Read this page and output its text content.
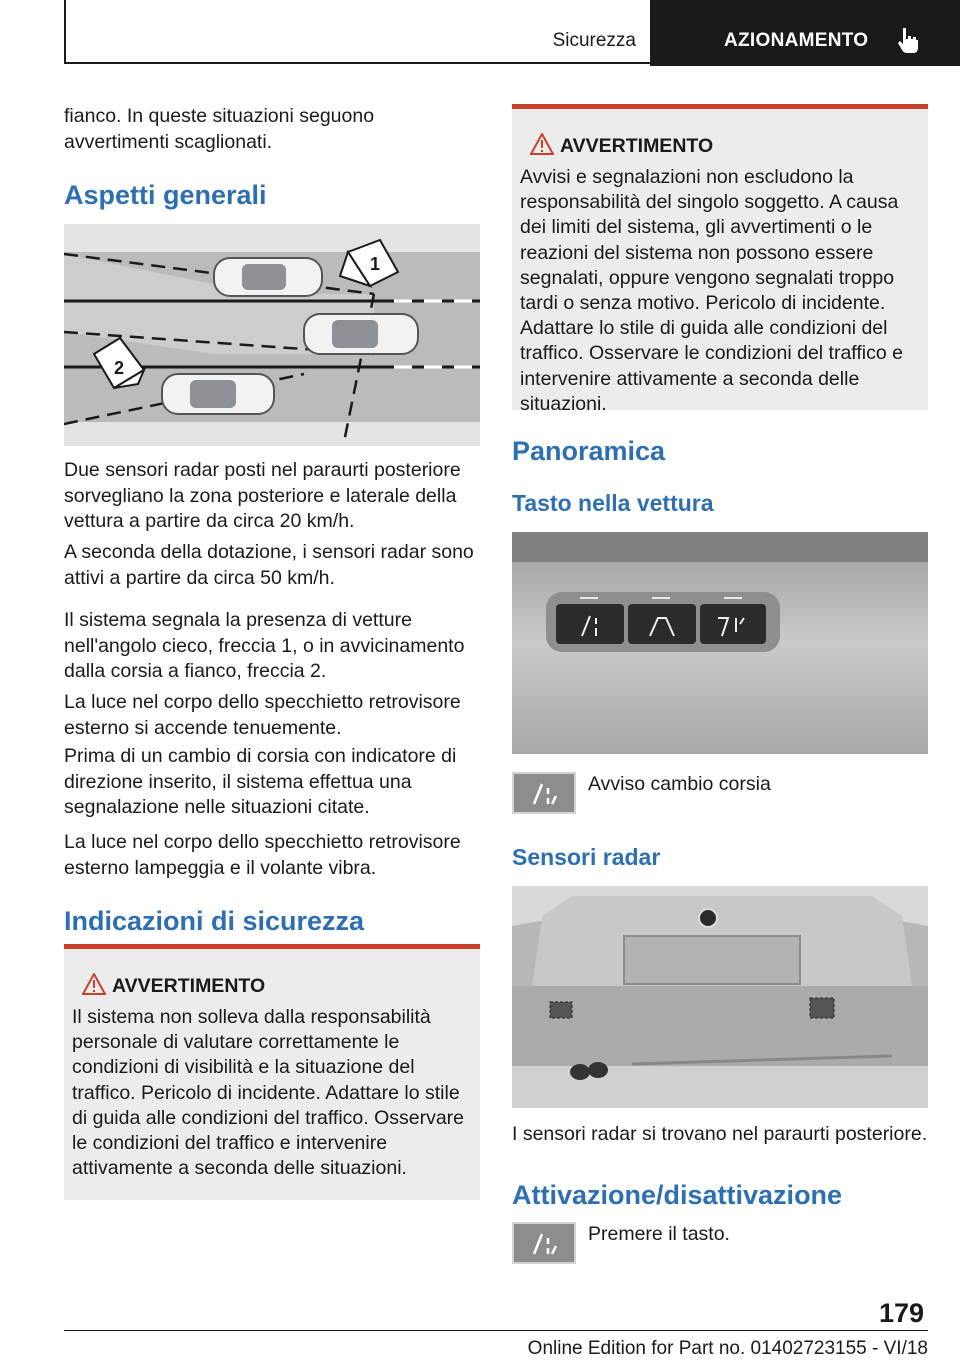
Sicurezza	AZIONAMENTO
fianco. In queste situazioni seguono avvertimenti scaglionati.
Aspetti generali
1
2
Due sensori radar posti nel paraurti posteriore sorvegliano la zona posteriore e laterale della vettura a partire da circa 20 km/h.
A seconda della dotazione, i sensori radar sono attivi a partire da circa 50 km/h.
Il sistema segnala la presenza di vetture nell'angolo cieco, freccia 1, o in avvicinamento dalla corsia a fianco, freccia 2.
La luce nel corpo dello specchietto retrovisore esterno si accende tenuemente.
Prima di un cambio di corsia con indicatore di direzione inserito, il sistema effettua una segnalazione nelle situazioni citate.
La luce nel corpo dello specchietto retrovisore esterno lampeggia e il volante vibra.
Indicazioni di sicurezza
AVVERTIMENTO
Il sistema non solleva dalla responsabilità personale di valutare correttamente le condizioni di visibilità e la situazione del traffico. Pericolo di incidente. Adattare lo stile di guida alle condizioni del traffico. Osservare le condizioni del traffico e intervenire attivamente a seconda delle situazioni.
AVVERTIMENTO
Avvisi e segnalazioni non escludono la responsabilità del singolo soggetto. A causa dei limiti del sistema, gli avvertimenti o le reazioni del sistema non possono essere segnalati, oppure vengono segnalati troppo tardi o senza motivo. Pericolo di incidente. Adattare lo stile di guida alle condizioni del traffico. Osservare le condizioni del traffico e intervenire attivamente a seconda delle situazioni.
Panoramica
Tasto nella vettura
Avviso cambio corsia
Sensori radar
I sensori radar si trovano nel paraurti posteriore.
Attivazione/disattivazione
Premere il tasto.
179
Online Edition for Part no. 01402723155 - VI/18
